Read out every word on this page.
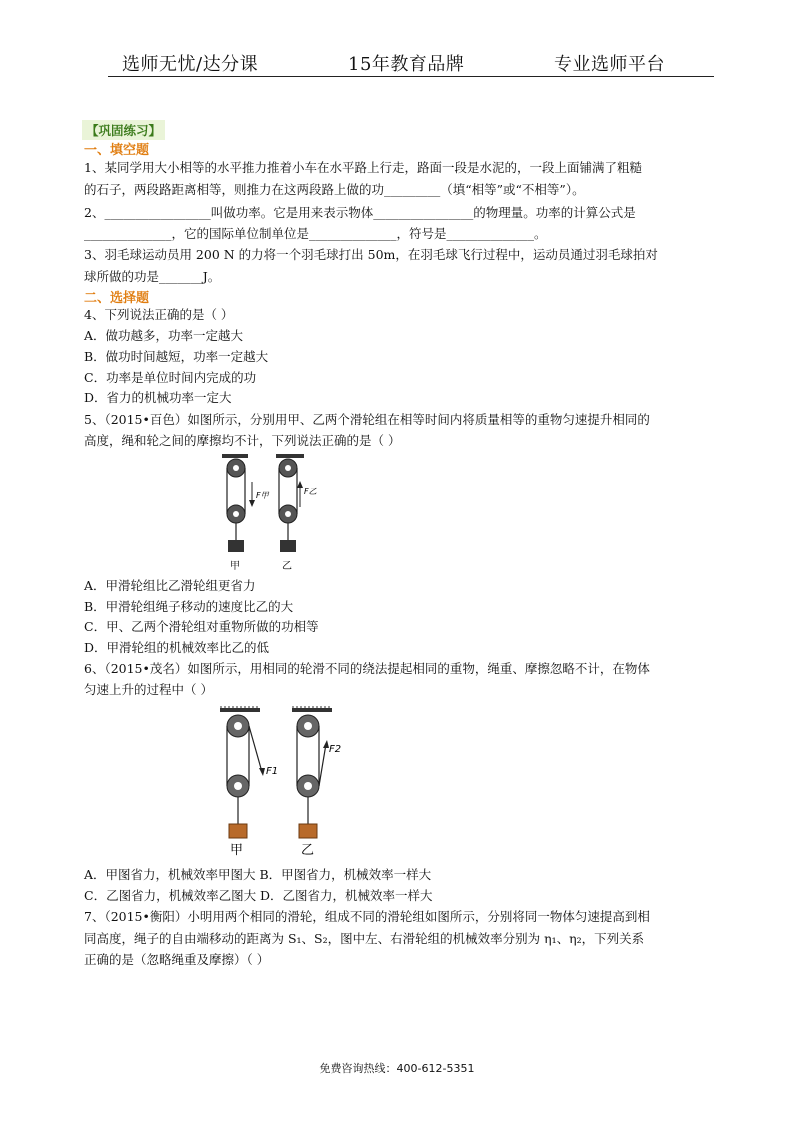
选师无忧/达分课	15年教育品牌	专业选师平台
【巩固练习】
一、填空题
1、某同学用大小相等的水平推力推着小车在水平路上行走，路面一段是水泥的，一段上面铺满了粗糙
的石子，两段路距离相等，则推力在这两段路上做的功_________（填“相等”或“不相等”）。
2、_________________叫做功率。它是用来表示物体________________的物理量。功率的计算公式是
______________，它的国际单位制单位是______________，符号是______________。
3、羽毛球运动员用 200 N 的力将一个羽毛球打出 50m，在羽毛球飞行过程中，运动员通过羽毛球拍对
球所做的功是_______J。
二、选择题
4、下列说法正确的是（ ）
A．做功越多，功率一定越大
B．做功时间越短，功率一定越大
C．功率是单位时间内完成的功
D．省力的机械功率一定大
5、（2015•百色）如图所示，分别用甲、乙两个滑轮组在相等时间内将质量相等的重物匀速提升相同的
高度，绳和轮之间的摩擦均不计，下列说法正确的是（ ）
F甲	F乙
甲	乙
A．甲滑轮组比乙滑轮组更省力
B．甲滑轮组绳子移动的速度比乙的大
C．甲、乙两个滑轮组对重物所做的功相等
D．甲滑轮组的机械效率比乙的低
6、（2015•茂名）如图所示，用相同的轮滑不同的绕法提起相同的重物，绳重、摩擦忽略不计，在物体
匀速上升的过程中（ ）
F1
甲
F2
乙
A．甲图省力，机械效率甲图大 B．甲图省力，机械效率一样大
C．乙图省力，机械效率乙图大 D．乙图省力，机械效率一样大
7、（2015•衡阳）小明用两个相同的滑轮，组成不同的滑轮组如图所示，分别将同一物体匀速提高到相
同高度，绳子的自由端移动的距离为 S₁、S₂，图中左、右滑轮组的机械效率分别为 η₁、η₂，下列关系
正确的是（忽略绳重及摩擦）（ ）
免费咨询热线：400-612-5351
